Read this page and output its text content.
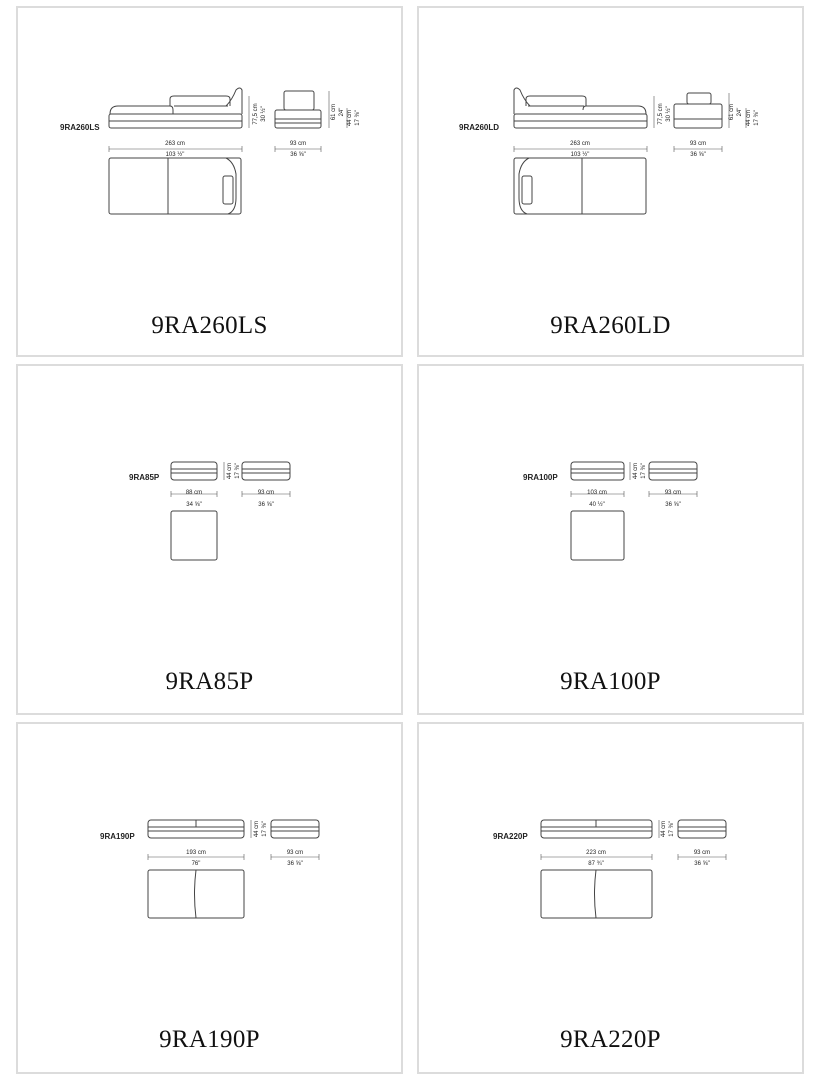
9RA260LS
263 cm
103 ½"
93 cm
36 ⅝"
77,5 cm 30 ½"	61 cm 24" 44 cm 17 ⅜"
9RA260LS
9RA260LD
263 cm
103 ½"
93 cm
36 ⅝"
77,5 cm 30 ½"	61 cm 24" 44 cm 17 ⅜"
9RA260LD
9RA85P
88 cm
34 ⅝"
93 cm
36 ⅝"
44 cm 17 ⅜"
9RA85P
9RA100P
103 cm
40 ½"
93 cm
36 ⅝"
44 cm 17 ⅜"
9RA100P
9RA190P
193 cm
76"
93 cm
36 ⅝"
44 cm 17 ⅜"
9RA190P
9RA220P
223 cm
87 ¾"
93 cm
36 ⅝"
44 cm 17 ⅜"
9RA220P
